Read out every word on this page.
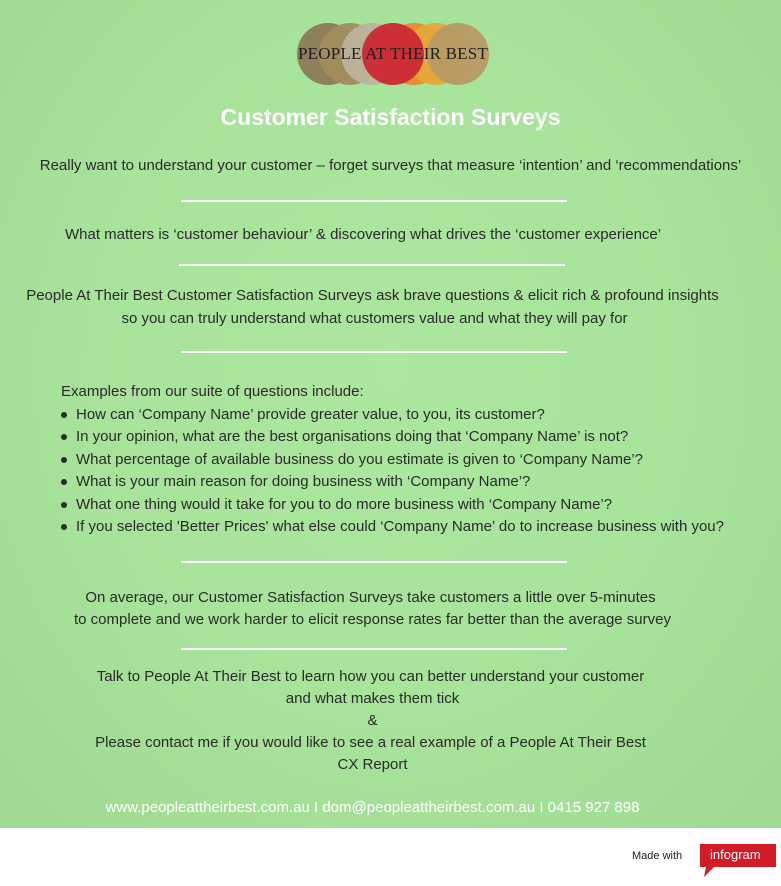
PEOPLE AT THEIR BEST
Customer Satisfaction Surveys
Really want to understand your customer – forget surveys that measure ‘intention’ and ‘recommendations’
What matters is ‘customer behaviour’ & discovering what drives the ‘customer experience’
People At Their Best Customer Satisfaction Surveys ask brave questions & elicit rich & profound insights
so you can truly understand what customers value and what they will pay for
Examples from our suite of questions include:
How can ‘Company Name’ provide greater value, to you, its customer?
In your opinion, what are the best organisations doing that ‘Company Name’ is not?
What percentage of available business do you estimate is given to ‘Company Name’?
What is your main reason for doing business with ‘Company Name’?
What one thing would it take for you to do more business with ‘Company Name’?
If you selected 'Better Prices' what else could ‘Company Name’ do to increase business with you?
On average, our Customer Satisfaction Surveys take customers a little over 5-minutes
to complete and we work harder to elicit response rates far better than the average survey
Talk to People At Their Best to learn how you can better understand your customer
and what makes them tick
&
Please contact me if you would like to see a real example of a People At Their Best
CX Report
www.peopleattheirbest.com.au I dom@peopleattheirbest.com.au I 0415 927 898
Made with infogram
